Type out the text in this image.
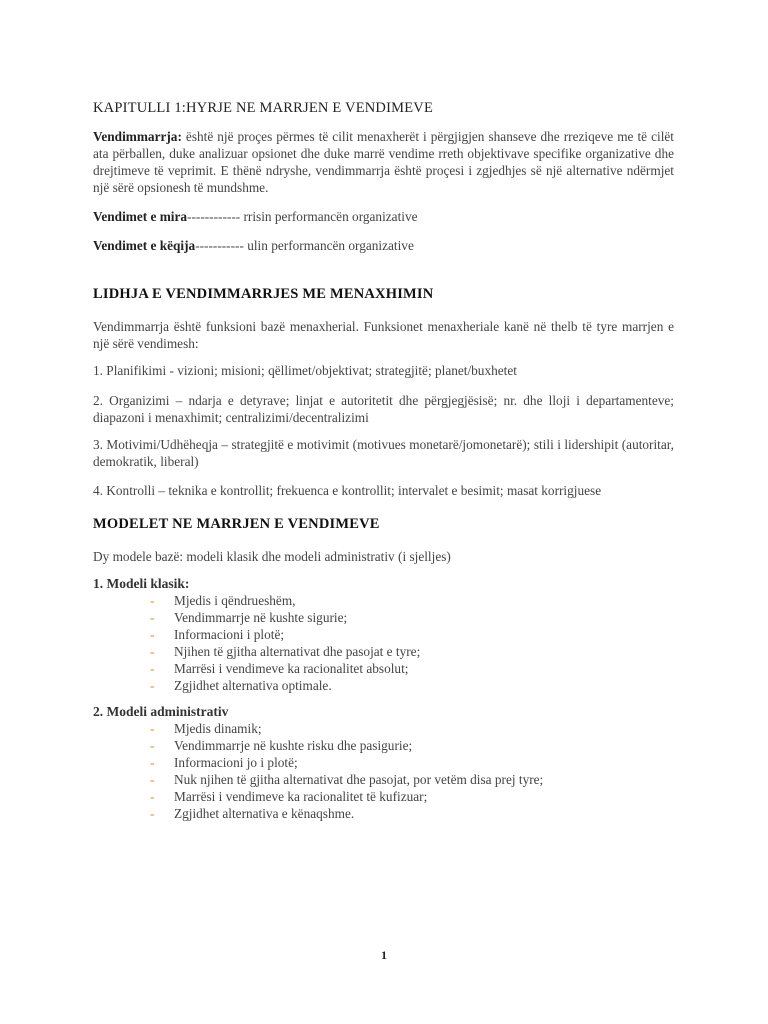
KAPITULLI 1:HYRJE NE MARRJEN E VENDIMEVE

Vendimmarrja: është një proçes përmes të cilit menaxherët i përgjigjen shanseve dhe rreziqeve me të cilët ata përballen, duke analizuar opsionet dhe duke marrë vendime rreth objektivave specifike organizative dhe drejtimeve të veprimit. E thënë ndryshe, vendimmarrja është proçesi i zgjedhjes së një alternative ndërmjet një sërë opsionesh të mundshme.

Vendimet e mira------------ rrisin performancën organizative

Vendimet e këqija----------- ulin performancën organizative

LIDHJA E VENDIMMARRJES ME MENAXHIMIN

Vendimmarrja është funksioni bazë menaxherial. Funksionet menaxheriale kanë në thelb të tyre marrjen e një sërë vendimesh:

1. Planifikimi - vizioni; misioni; qëllimet/objektivat; strategjitë; planet/buxhetet

2. Organizimi – ndarja e detyrave; linjat e autoritetit dhe përgjegjësisë; nr. dhe lloji i departamenteve; diapazoni i menaxhimit; centralizimi/decentralizimi

3. Motivimi/Udhëheqja – strategjitë e motivimit (motivues monetarë/jomonetarë); stili i lidershipit (autoritar, demokratik, liberal)

4. Kontrolli – teknika e kontrollit; frekuenca e kontrollit; intervalet e besimit; masat korrigjuese

MODELET NE MARRJEN E VENDIMEVE

Dy modele bazë: modeli klasik dhe modeli administrativ (i sjelljes)

1. Modeli klasik:

- Mjedis i qëndrueshëm,
- Vendimmarrje në kushte sigurie;
- Informacioni i plotë;
- Njihen të gjitha alternativat dhe pasojat e tyre;
- Marrësi i vendimeve ka racionalitet absolut;
- Zgjidhet alternativa optimale.

2. Modeli administrativ

- Mjedis dinamik;
- Vendimmarrje në kushte risku dhe pasigurie;
- Informacioni jo i plotë;
- Nuk njihen të gjitha alternativat dhe pasojat, por vetëm disa prej tyre;
- Marrësi i vendimeve ka racionalitet të kufizuar;
- Zgjidhet alternativa e kënaqshme.
1
